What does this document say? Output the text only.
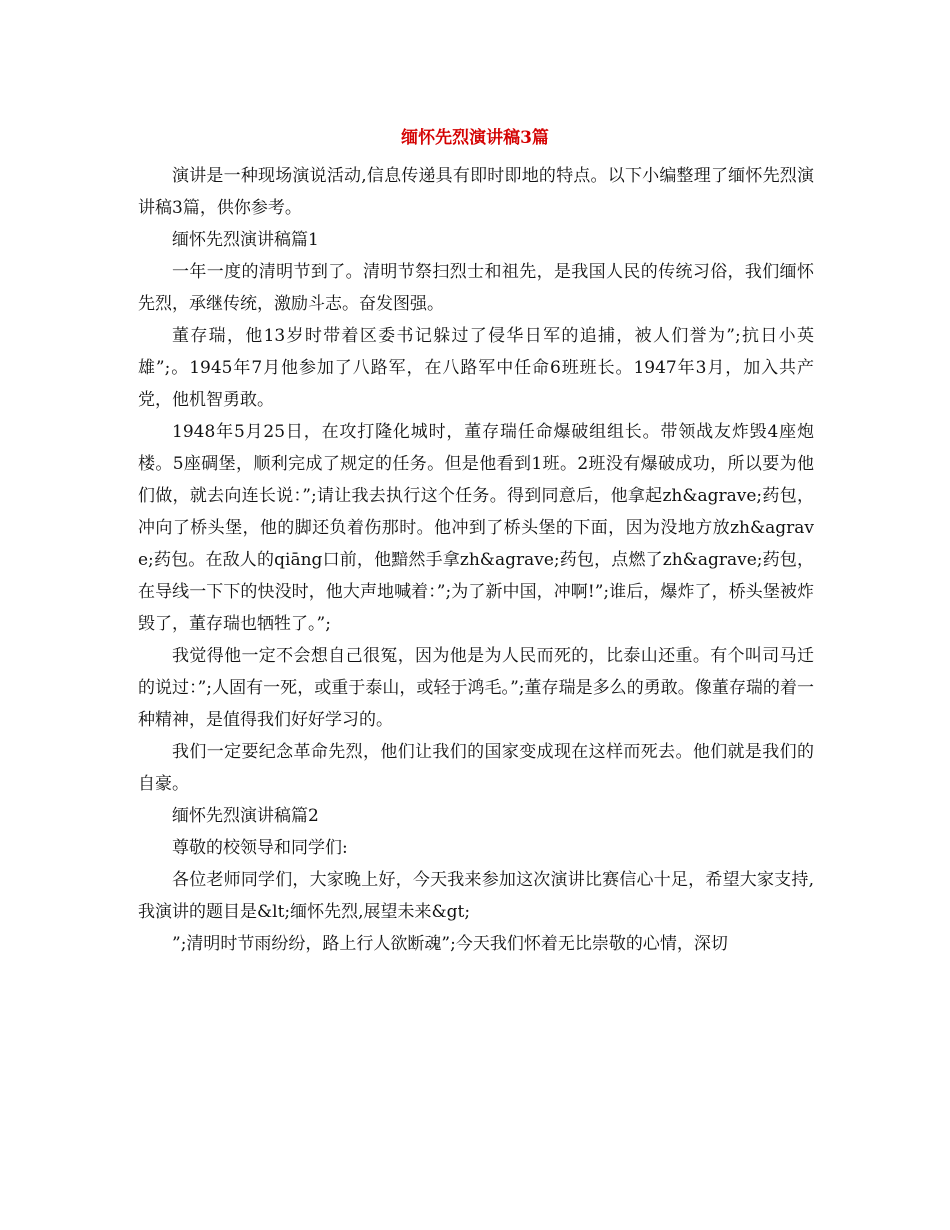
缅怀先烈演讲稿3篇

演讲是一种现场演说活动,信息传递具有即时即地的特点。以下小编整理了缅怀先烈演讲稿3篇，供你参考。

缅怀先烈演讲稿篇1

一年一度的清明节到了。清明节祭扫烈士和祖先，是我国人民的传统习俗，我们缅怀先烈，承继传统，激励斗志。奋发图强。

董存瑞，他13岁时带着区委书记躲过了侵华日军的追捕，被人们誉为”;抗日小英雄”;。1945年7月他参加了八路军，在八路军中任命6班班长。1947年3月，加入共产党，他机智勇敢。

1948年5月25日，在攻打隆化城时，董存瑞任命爆破组组长。带领战友炸毁4座炮楼。5座碉堡，顺利完成了规定的任务。但是他看到1班。2班没有爆破成功，所以要为他们做，就去向连长说：”;请让我去执行这个任务。得到同意后，他拿起zh&agrave;药包，冲向了桥头堡，他的脚还负着伤那时。他冲到了桥头堡的下面，因为没地方放zh&agrave;药包。在敌人的qiāng口前，他黯然手拿zh&agrave;药包，点燃了zh&agrave;药包，在导线一下下的快没时，他大声地喊着：”;为了新中国，冲啊!”;谁后，爆炸了，桥头堡被炸毁了，董存瑞也牺牲了。”;

我觉得他一定不会想自己很冤，因为他是为人民而死的，比泰山还重。有个叫司马迁的说过：”;人固有一死，或重于泰山，或轻于鸿毛。”;董存瑞是多么的勇敢。像董存瑞的着一种精神，是值得我们好好学习的。

我们一定要纪念革命先烈，他们让我们的国家变成现在这样而死去。他们就是我们的自豪。

缅怀先烈演讲稿篇2

尊敬的校领导和同学们:

各位老师同学们，大家晚上好，今天我来参加这次演讲比赛信心十足，希望大家支持,我演讲的题目是&lt;缅怀先烈,展望未来&gt;

”;清明时节雨纷纷，路上行人欲断魂”;今天我们怀着无比崇敬的心情，深切
